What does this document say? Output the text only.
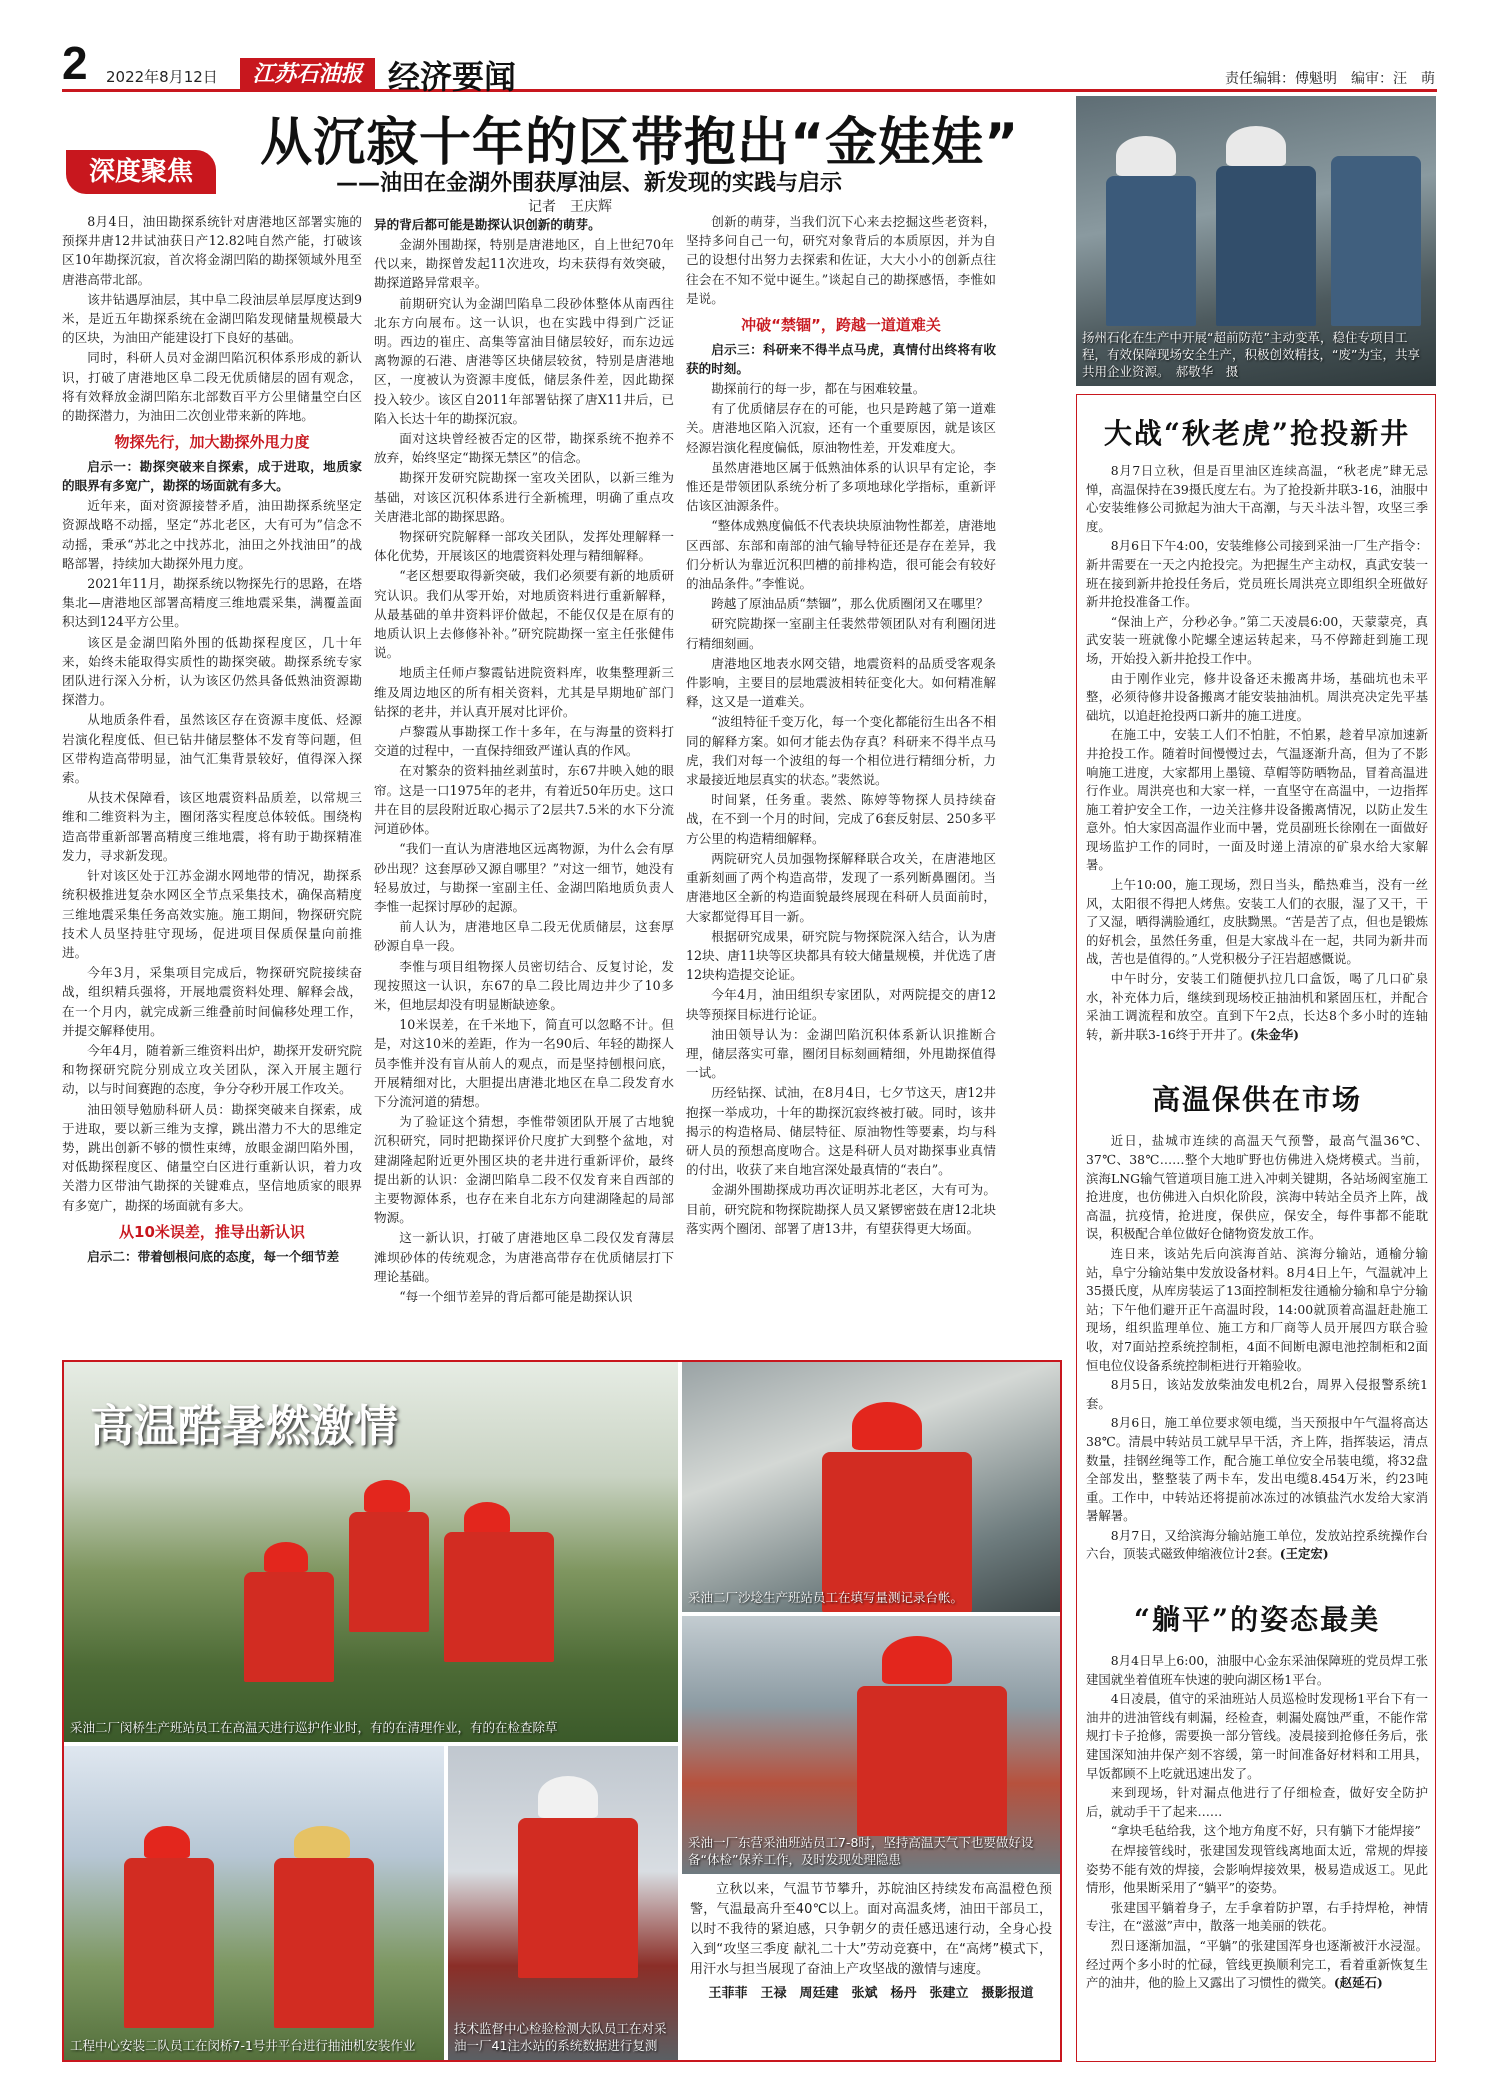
2 2022年8月12日	江苏石油报 经济要闻	责任编辑：傅魁明　编审：汪　萌
深度聚焦	从沉寂十年的区带抱出“金娃娃”
——油田在金湖外围获厚油层、新发现的实践与启示
记者　王庆辉

8月4日，油田勘探系统针对唐港地区部署实施的预探井唐12井试油获日产12.82吨自然产能，打破该区10年勘探沉寂，首次将金湖凹陷的勘探领域外甩至唐港高带北部。

该井钻遇厚油层，其中阜二段油层单层厚度达到9米，是近五年勘探系统在金湖凹陷发现储量规模最大的区块，为油田产能建设打下良好的基础。

同时，科研人员对金湖凹陷沉积体系形成的新认识，打破了唐港地区阜二段无优质储层的固有观念，将有效释放金湖凹陷东北部数百平方公里储量空白区的勘探潜力，为油田二次创业带来新的阵地。

物探先行，加大勘探外甩力度
启示一：勘探突破来自探索，成于进取，地质家的眼界有多宽广，勘探的场面就有多大。

近年来，面对资源接替矛盾，油田勘探系统坚定资源战略不动摇，坚定“苏北老区，大有可为”信念不动摇，秉承“苏北之中找苏北，油田之外找油田”的战略部署，持续加大勘探外甩力度。

2021年11月，勘探系统以物探先行的思路，在塔集北—唐港地区部署高精度三维地震采集，满覆盖面积达到124平方公里。

该区是金湖凹陷外围的低勘探程度区，几十年来，始终未能取得实质性的勘探突破。勘探系统专家团队进行深入分析，认为该区仍然具备低熟油资源勘探潜力。

从地质条件看，虽然该区存在资源丰度低、烃源岩演化程度低、但已钻井储层整体不发育等问题，但区带构造高带明显，油气汇集背景较好，值得深入探索。

从技术保障看，该区地震资料品质差，以常规三维和二维资料为主，圈闭落实程度总体较低。围绕构造高带重新部署高精度三维地震，将有助于勘探精准发力，寻求新发现。

针对该区处于江苏金湖水网地带的情况，勘探系统积极推进复杂水网区全节点采集技术，确保高精度三维地震采集任务高效实施。施工期间，物探研究院技术人员坚持驻守现场，促进项目保质保量向前推进。

今年3月，采集项目完成后，物探研究院接续奋战，组织精兵强将，开展地震资料处理、解释会战，在一个月内，就完成新三维叠前时间偏移处理工作，并提交解释使用。

今年4月，随着新三维资料出炉，勘探开发研究院和物探研究院分别成立攻关团队，深入开展主题行动，以与时间赛跑的态度，争分夺秒开展工作攻关。

油田领导勉励科研人员：勘探突破来自探索，成于进取，要以新三维为支撑，跳出潜力不大的思维定势，跳出创新不够的惯性束缚，放眼金湖凹陷外围，对低勘探程度区、储量空白区进行重新认识，着力攻关潜力区带油气勘探的关键难点，坚信地质家的眼界有多宽广，勘探的场面就有多大。

从10米误差，推导出新认识
启示二：带着刨根问底的态度，每一个细节差
异的背后都可能是勘探认识创新的萌芽。

金湖外围勘探，特别是唐港地区，自上世纪70年代以来，勘探曾发起11次进攻，均未获得有效突破，勘探道路异常艰辛。

前期研究认为金湖凹陷阜二段砂体整体从南西往北东方向展布。这一认识，也在实践中得到广泛证明。西边的崔庄、高集等富油目储层较好，而东边远离物源的石港、唐港等区块储层较贫，特别是唐港地区，一度被认为资源丰度低，储层条件差，因此勘探投入较少。该区自2011年部署钻探了唐X11井后，已陷入长达十年的勘探沉寂。

面对这块曾经被否定的区带，勘探系统不抱养不放弃，始终坚定“勘探无禁区”的信念。

勘探开发研究院勘探一室攻关团队，以新三维为基础，对该区沉积体系进行全新梳理，明确了重点攻关唐港北部的勘探思路。

物探研究院解释一部攻关团队，发挥处理解释一体化优势，开展该区的地震资料处理与精细解释。

“老区想要取得新突破，我们必须要有新的地质研究认识。我们从零开始，对地质资料进行重新解释，从最基础的单井资料评价做起，不能仅仅是在原有的地质认识上去修修补补。”研究院勘探一室主任张健伟说。

地质主任师卢黎霞钻进院资料库，收集整理新三维及周边地区的所有相关资料，尤其是早期地矿部门钻探的老井，并认真开展对比评价。

卢黎霞从事勘探工作十多年，在与海量的资料打交道的过程中，一直保持细致严谨认真的作风。

在对繁杂的资料抽丝剥茧时，东67井映入她的眼帘。这是一口1975年的老井，有着近50年历史。这口井在目的层段附近取心揭示了2层共7.5米的水下分流河道砂体。

“我们一直认为唐港地区远离物源，为什么会有厚砂出现？这套厚砂又源自哪里？”对这一细节，她没有轻易放过，与勘探一室副主任、金湖凹陷地质负责人李惟一起探讨厚砂的起源。

前人认为，唐港地区阜二段无优质储层，这套厚砂源自阜一段。

李惟与项目组物探人员密切结合、反复讨论，发现按照这一认识，东67的阜二段比周边井少了10多米，但地层却没有明显断缺迹象。

10米误差，在千米地下，简直可以忽略不计。但是，对这10米的差距，作为一名90后、年轻的勘探人员李惟并没有盲从前人的观点，而是坚持刨根问底，开展精细对比，大胆提出唐港北地区在阜二段发育水下分流河道的猜想。

为了验证这个猜想，李惟带领团队开展了古地貌沉积研究，同时把勘探评价尺度扩大到整个盆地，对建湖隆起附近更外围区块的老井进行重新评价，最终提出新的认识：金湖凹陷阜二段不仅发育来自西部的主要物源体系，也存在来自北东方向建湖隆起的局部物源。

这一新认识，打破了唐港地区阜二段仅发育薄层滩坝砂体的传统观念，为唐港高带存在优质储层打下理论基础。

“每一个细节差异的背后都可能是勘探认识

创新的萌芽，当我们沉下心来去挖掘这些老资料，坚持多问自己一句，研究对象背后的本质原因，并为自己的设想付出努力去探索和佐证，大大小小的创新点往往会在不知不觉中诞生。”谈起自己的勘探感悟，李惟如是说。

冲破“禁锢”，跨越一道道难关
启示三：科研来不得半点马虎，真情付出终将有收获的时刻。

勘探前行的每一步，都在与困难较量。

有了优质储层存在的可能，也只是跨越了第一道难关。唐港地区陷入沉寂，还有一个重要原因，就是该区烃源岩演化程度偏低，原油物性差，开发难度大。

虽然唐港地区属于低熟油体系的认识早有定论，李惟还是带领团队系统分析了多项地球化学指标，重新评估该区油源条件。

“整体成熟度偏低不代表块块原油物性都差，唐港地区西部、东部和南部的油气输导特征还是存在差异，我们分析认为靠近沉积凹槽的前排构造，很可能会有较好的油品条件。”李惟说。

跨越了原油品质“禁锢”，那么优质圈闭又在哪里？

研究院勘探一室副主任裴然带领团队对有利圈闭进行精细刻画。

唐港地区地表水网交错，地震资料的品质受客观条件影响，主要目的层地震波相转征变化大。如何精准解释，这又是一道难关。

“波组特征千变万化，每一个变化都能衍生出各不相同的解释方案。如何才能去伪存真？科研来不得半点马虎，我们对每一个波组的每一个相位进行精细分析，力求最接近地层真实的状态。”裴然说。

时间紧，任务重。裴然、陈婷等物探人员持续奋战，在不到一个月的时间，完成了6套反射层、250多平方公里的构造精细解释。

两院研究人员加强物探解释联合攻关，在唐港地区重新刻画了两个构造高带，发现了一系列断鼻圈闭。当唐港地区全新的构造面貌最终展现在科研人员面前时，大家都觉得耳目一新。

根据研究成果，研究院与物探院深入结合，认为唐12块、唐11块等区块都具有较大储量规模，并优选了唐12块构造提交论证。

今年4月，油田组织专家团队，对两院提交的唐12块等预探目标进行论证。

油田领导认为：金湖凹陷沉积体系新认识推断合理，储层落实可靠，圈闭目标刻画精细，外甩勘探值得一试。

历经钻探、试油，在8月4日，七夕节这天，唐12井抱探一举成功，十年的勘探沉寂终被打破。同时，该井揭示的构造格局、储层特征、原油物性等要素，均与科研人员的预想高度吻合。这是科研人员对勘探事业真情的付出，收获了来自地宫深处最真情的“表白”。

金湖外围勘探成功再次证明苏北老区，大有可为。目前，研究院和物探院勘探人员又紧锣密鼓在唐12北块落实两个圈闭、部署了唐13井，有望获得更大场面。

扬州石化在生产中开展“超前防范”主动变革，稳住专项目工程，有效保障现场安全生产，积极创效精技，“废”为宝，共享共用企业资源。　郝敬华　摄
大战“秋老虎”抢投新井

8月7日立秋，但是百里油区连续高温，“秋老虎”肆无忌惮，高温保持在39摄氏度左右。为了抢投新井联3-16，油服中心安装维修公司掀起为油大干高潮，与天斗法斗智，攻坚三季度。

8月6日下午4:00，安装维修公司接到采油一厂生产指令：新井需要在一天之内抢投完。为把握生产主动权，真武安装一班在接到新井抢投任务后，党员班长周洪亮立即组织全班做好新井抢投准备工作。

“保油上产，分秒必争。”第二天凌晨6:00，天蒙蒙亮，真武安装一班就像小陀螺全速运转起来，马不停蹄赶到施工现场，开始投入新井抢投工作中。

由于刚作业完，修井设备还未搬离井场，基础坑也未平整，必须待修井设备搬离才能安装抽油机。周洪亮决定先平基础坑，以追赶抢投两口新井的施工进度。

在施工中，安装工人们不怕脏，不怕累，趁着早凉加速新井抢投工作。随着时间慢慢过去，气温逐渐升高，但为了不影响施工进度，大家都用上墨镜、草帽等防晒物品，冒着高温进行作业。周洪亮也和大家一样，一直坚守在高温中，一边指挥施工着护安全工作，一边关注修井设备搬离情况，以防止发生意外。怕大家因高温作业而中暑，党员副班长徐刚在一面做好现场监护工作的同时，一面及时递上清凉的矿泉水给大家解暑。

上午10:00，施工现场，烈日当头，酷热难当，没有一丝风，太阳很不得把人烤焦。安装工人们的衣服，湿了又干，干了又湿，晒得满脸通红，皮肤黝黑。“苦是苦了点，但也是锻炼的好机会，虽然任务重，但是大家战斗在一起，共同为新井而战，苦也是值得的。”人党积极分子汪岩超感慨说。

中午时分，安装工们随便扒拉几口盒饭，喝了几口矿泉水，补充体力后，继续到现场校正抽油机和紧固压杠，并配合采油工调流程和放空。直到下午2点，长达8个多小时的连轴转，新井联3-16终于开井了。(朱金华)

高温保供在市场

近日，盐城市连续的高温天气预警，最高气温36℃、37℃、38℃……整个大地旷野也仿佛进入烧烤模式。当前，滨海LNG输气管道项目施工进入冲刺关键期，各站场阀室施工抢进度，也仿佛进入白炽化阶段，滨海中转站全员齐上阵，战高温，抗疫情，抢进度，保供应，保安全，每件事都不能耽误，积极配合单位做好仓储物资发放工作。

连日来，该站先后向滨海首站、滨海分输站，通榆分输站，阜宁分输站集中发放设备材料。8月4日上午，气温就冲上35摄氏度，从库房装运了13面控制柜发往通榆分输和阜宁分输站；下午他们避开正午高温时段，14:00就顶着高温赶赴施工现场，组织监理单位、施工方和厂商等人员开展四方联合验收，对7面站控系统控制柜，4面不间断电源电池控制柜和2面恒电位仪设备系统控制柜进行开箱验收。

8月5日，该站发放柴油发电机2台，周界入侵报警系统1套。

8月6日，施工单位要求领电缆，当天预报中午气温将高达38℃。清晨中转站员工就早早干活，齐上阵，指挥装运，清点数量，挂钢丝绳等工作，配合施工单位安全吊装电缆，将32盘全部发出，整整装了两卡车，发出电缆8.454万米，约23吨重。工作中，中转站还将提前冰冻过的冰镇盐汽水发给大家消暑解暑。

8月7日，又给滨海分输站施工单位，发放站控系统操作台六台，顶装式磁致伸缩液位计2套。(王定宏)

“躺平”的姿态最美

8月4日早上6:00，油服中心金东采油保障班的党员焊工张建国就坐着值班车快速的驶向湖区杨1平台。

4日凌晨，值守的采油班站人员巡检时发现杨1平台下有一油井的进油管线有刺漏，经检查，刺漏处腐蚀严重，不能作常规打卡子抢修，需要换一部分管线。凌晨接到抢修任务后，张建国深知油井保产刻不容缓，第一时间准备好材料和工用具，早饭都顾不上吃就迅速出发了。

来到现场，针对漏点他进行了仔细检查，做好安全防护后，就动手干了起来……

“拿块毛毡给我，这个地方角度不好，只有躺下才能焊接”

在焊接管线时，张建国发现管线离地面太近，常规的焊接姿势不能有效的焊接，会影响焊接效果，极易造成返工。见此情形，他果断采用了“躺平”的姿势。

张建国平躺着身子，左手拿着防护罩，右手持焊枪，神情专注，在“滋滋”声中，散落一地美丽的铁花。

烈日逐渐加温，“平躺”的张建国浑身也逐渐被汗水浸湿。经过两个多小时的忙碌，管线更换顺利完工，看着重新恢复生产的油井，他的脸上又露出了习惯性的微笑。(赵延石)

高温酷暑燃激情
采油二厂闵桥生产班站员工在高温天进行巡护作业时，有的在清理作业，有的在检查除草
采油二厂沙埝生产班站员工在填写量测记录台帐。
采油一厂东营采油班站员工7-8时，坚持高温天气下也要做好设备“体检”保养工作，及时发现处理隐患
工程中心安装二队员工在闵桥7-1号井平台进行抽油机安装作业
技术监督中心检验检测大队员工在对采油一厂41注水站的系统数据进行复测

立秋以来，气温节节攀升，苏皖油区持续发布高温橙色预警，气温最高升至40℃以上。面对高温炙烤，油田干部员工，以时不我待的紧迫感，只争朝夕的责任感迅速行动，全身心投入到“攻坚三季度 献礼二十大”劳动竞赛中，在“高烤”模式下，用汗水与担当展现了奋油上产攻坚战的激情与速度。

王菲菲　王禄　周廷建　张斌　杨丹　张建立　摄影报道
